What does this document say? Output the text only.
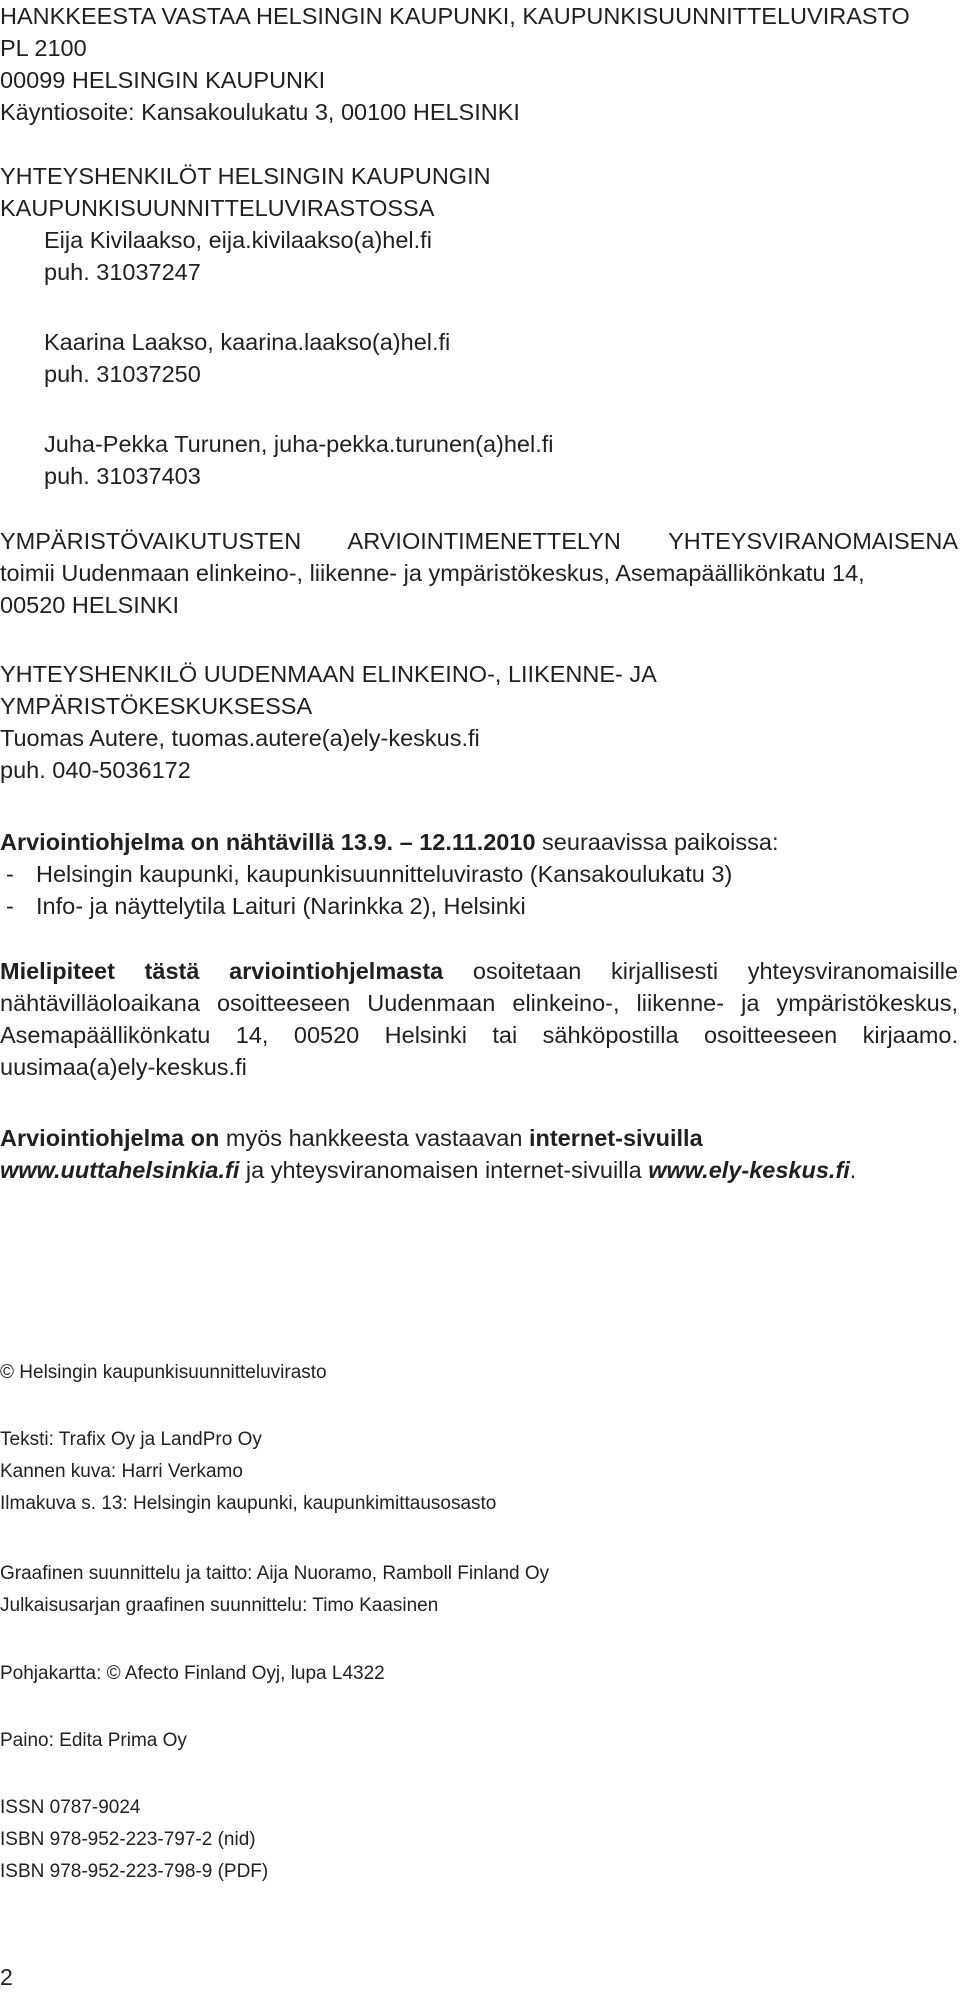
HANKKEESTA VASTAA HELSINGIN KAUPUNKI, KAUPUNKISUUNNITTELUVIRASTO
PL 2100
00099 HELSINGIN KAUPUNKI
Käyntiosoite: Kansakoulukatu 3, 00100 HELSINKI
YHTEYSHENKILÖT HELSINGIN KAUPUNGIN
KAUPUNKISUUNNITTELUVIRASTOSSA
Eija Kivilaakso, eija.kivilaakso(a)hel.fi
puh. 31037247
Kaarina Laakso, kaarina.laakso(a)hel.fi
puh. 31037250
Juha-Pekka Turunen, juha-pekka.turunen(a)hel.fi
puh. 31037403
YMPÄRISTÖVAIKUTUSTEN ARVIOINTIMENETTELYN YHTEYSVIRANOMAISENA
toimii Uudenmaan elinkeino-, liikenne- ja ympäristökeskus, Asemapäällikönkatu 14,
00520 HELSINKI
YHTEYSHENKILÖ UUDENMAAN ELINKEINO-, LIIKENNE- JA
YMPÄRISTÖKESKUKSESSA
Tuomas Autere, tuomas.autere(a)ely-keskus.fi
puh. 040-5036172
Arviointiohjelma on nähtävillä 13.9. – 12.11.2010 seuraavissa paikoissa:
- Helsingin kaupunki, kaupunkisuunnitteluvirasto (Kansakoulukatu 3)
- Info- ja näyttelytila Laituri (Narinkka 2), Helsinki
Mielipiteet tästä arviointiohjelmasta osoitetaan kirjallisesti yhteysviranomaisille
nähtävilläoloaikana osoitteeseen Uudenmaan elinkeino-, liikenne- ja ympäristökeskus,
Asemapäällikönkatu 14, 00520 Helsinki tai sähköpostilla osoitteeseen kirjaamo.
uusimaa(a)ely-keskus.fi
Arviointiohjelma on myös hankkeesta vastaavan internet-sivuilla
www.uuttahelsinkia.fi ja yhteysviranomaisen internet-sivuilla www.ely-keskus.fi.
© Helsingin kaupunkisuunnitteluvirasto
Teksti: Trafix Oy ja LandPro Oy
Kannen kuva: Harri Verkamo
Ilmakuva s. 13: Helsingin kaupunki, kaupunkimittausosasto
Graafinen suunnittelu ja taitto: Aija Nuoramo, Ramboll Finland Oy
Julkaisusarjan graafinen suunnittelu: Timo Kaasinen
Pohjakartta: © Afecto Finland Oyj, lupa L4322
Paino: Edita Prima Oy
ISSN 0787-9024
ISBN 978-952-223-797-2 (nid)
ISBN 978-952-223-798-9 (PDF)
2
